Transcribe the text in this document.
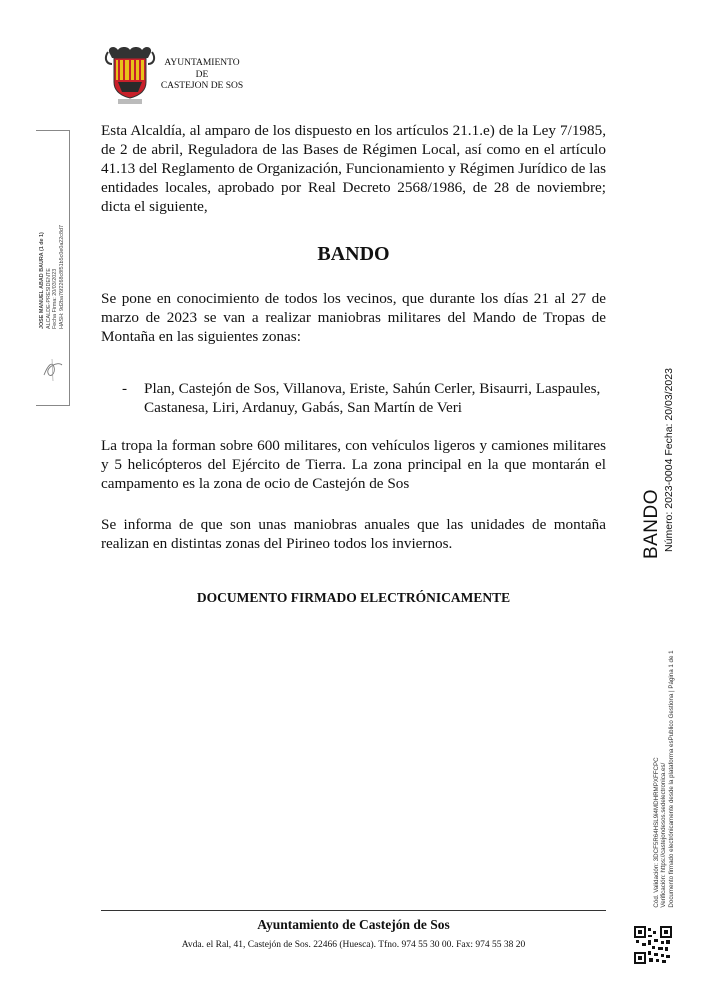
AYUNTAMIENTO
DE
CASTEJON DE SOS
Esta Alcaldía, al amparo de los dispuesto en los artículos 21.1.e) de la Ley 7/1985, de 2 de abril, Reguladora de las Bases de Régimen Local, así como en el artículo 41.13 del Reglamento de Organización, Funcionamiento y Régimen Jurídico de las entidades locales, aprobado por Real Decreto 2568/1986, de 28 de noviembre; dicta el siguiente,
BANDO
Se pone en conocimiento de todos los vecinos, que durante los días 21 al 27 de marzo de 2023 se van a realizar maniobras militares del Mando de Tropas de Montaña en las siguientes zonas:
- Plan, Castejón de Sos, Villanova, Eriste, Sahún Cerler, Bisaurri, Laspaules, Castanesa, Liri, Ardanuy, Gabás, San Martín de Veri
La tropa la forman sobre 600 militares, con vehículos ligeros y camiones militares y 5 helicópteros del Ejército de Tierra. La zona principal en la que montarán el campamento es la zona de ocio de Castejón de Sos
Se informa de que son unas maniobras anuales que las unidades de montaña realizan en distintas zonas del Pirineo todos los inviernos.
DOCUMENTO FIRMADO ELECTRÓNICAMENTE
Ayuntamiento de Castejón de Sos
Avda. el Ral, 41, Castejón de Sos. 22466 (Huesca). Tfno. 974 55 30 00. Fax: 974 55 38 20
JOSE MANUEL ABAD BAURA (1 de 1) ALCALDE-PRESIDENTE Fecha Firma: 20/03/2023 HASH: 9d2ba76f2268c8f51b5c0e0a22c8d7
BANDO Número: 2023-0004 Fecha: 20/03/2023
Cód. Validación: 3DCF5R64HSL9i4MDHRMPXFFCPC Verificación: https://castejondesos.sedelectronica.es/ Documento firmado electrónicamente desde la plataforma esPublico Gestiona | Página 1 de 1
